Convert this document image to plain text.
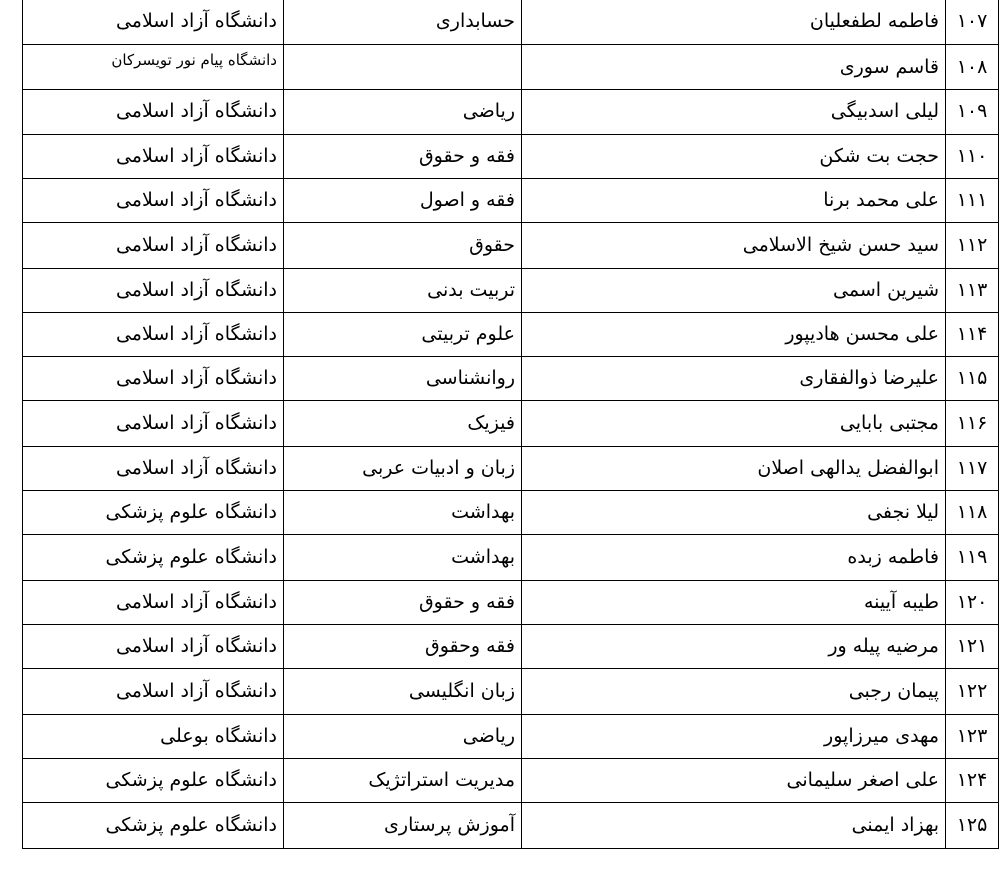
۱۰۷	فاطمه لطفعلیان	حسابداری	دانشگاه آزاد اسلامی
۱۰۸	قاسم سوری		دانشگاه پیام نور تویسرکان
۱۰۹	لیلی اسدبیگی	ریاضی	دانشگاه آزاد اسلامی
۱۱۰	حجت بت شکن	فقه و حقوق	دانشگاه آزاد اسلامی
۱۱۱	علی محمد برنا	فقه و اصول	دانشگاه آزاد اسلامی
۱۱۲	سید حسن شیخ الاسلامی	حقوق	دانشگاه آزاد اسلامی
۱۱۳	شیرین اسمی	تربیت بدنی	دانشگاه آزاد اسلامی
۱۱۴	علی محسن هادیپور	علوم تربیتی	دانشگاه آزاد اسلامی
۱۱۵	علیرضا ذوالفقاری	روانشناسی	دانشگاه آزاد اسلامی
۱۱۶	مجتبی بابایی	فیزیک	دانشگاه آزاد اسلامی
۱۱۷	ابوالفضل یدالهی اصلان	زبان و ادبیات عربی	دانشگاه آزاد اسلامی
۱۱۸	لیلا نجفی	بهداشت	دانشگاه علوم پزشکی
۱۱۹	فاطمه زبده	بهداشت	دانشگاه علوم پزشکی
۱۲۰	طیبه آیینه	فقه و حقوق	دانشگاه آزاد اسلامی
۱۲۱	مرضیه پیله ور	فقه وحقوق	دانشگاه آزاد اسلامی
۱۲۲	پیمان رجبی	زبان انگلیسی	دانشگاه آزاد اسلامی
۱۲۳	مهدی میرزاپور	ریاضی	دانشگاه بوعلی
۱۲۴	علی اصغر سلیمانی	مدیریت استراتژیک	دانشگاه علوم پزشکی
۱۲۵	بهزاد ایمنی	آموزش پرستاری	دانشگاه علوم پزشکی
